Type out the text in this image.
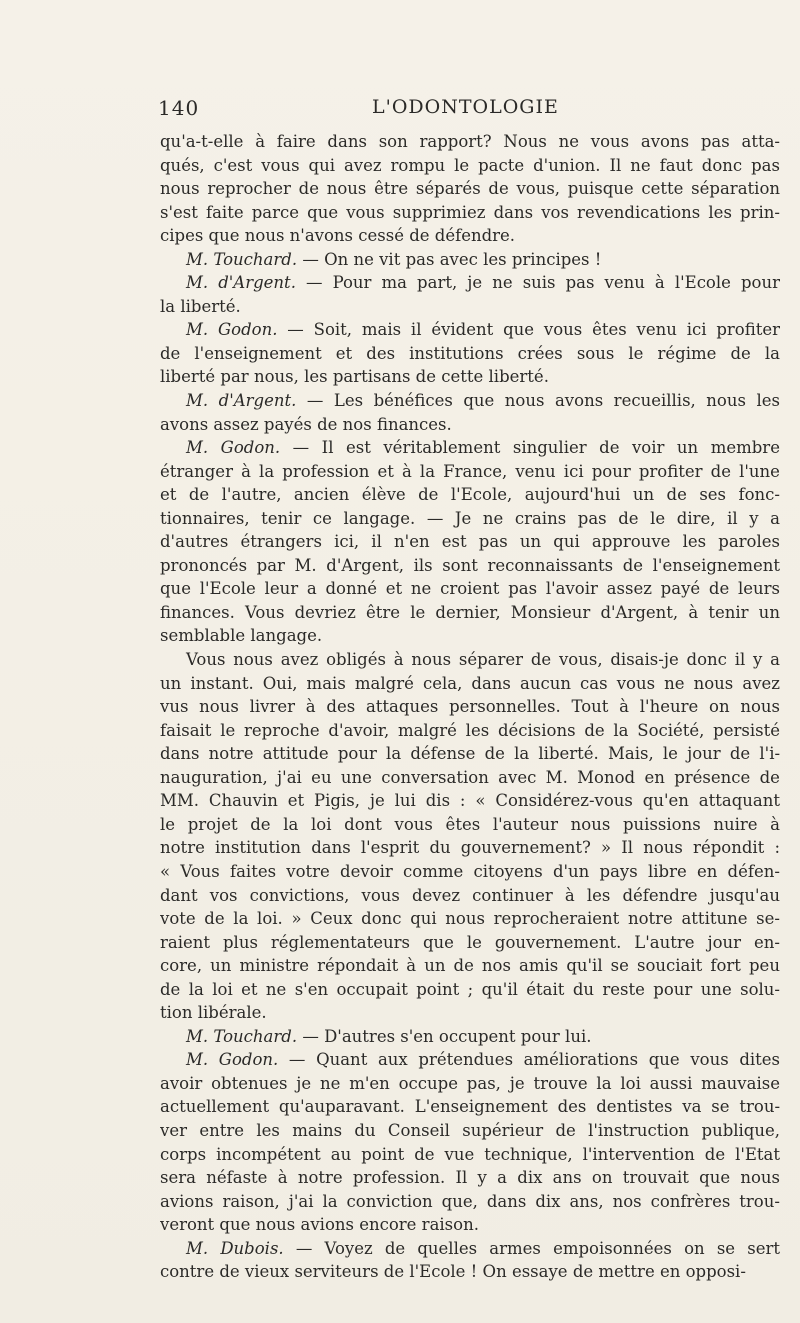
140	L'ODONTOLOGIE
qu'a-t-elle à faire dans son rapport? Nous ne vous avons pas atta-
qués, c'est vous qui avez rompu le pacte d'union. Il ne faut donc pas
nous reprocher de nous être séparés de vous, puisque cette séparation
s'est faite parce que vous supprimiez dans vos revendications les prin-
cipes que nous n'avons cessé de défendre.
M. Touchard. — On ne vit pas avec les principes !
M. d'Argent. — Pour ma part, je ne suis pas venu à l'Ecole pour
la liberté.
M. Godon. — Soit, mais il évident que vous êtes venu ici profiter
de l'enseignement et des institutions crées sous le régime de la
liberté par nous, les partisans de cette liberté.
M. d'Argent. — Les bénéfices que nous avons recueillis, nous les
avons assez payés de nos finances.
M. Godon. — Il est véritablement singulier de voir un membre
étranger à la profession et à la France, venu ici pour profiter de l'une
et de l'autre, ancien élève de l'Ecole, aujourd'hui un de ses fonc-
tionnaires, tenir ce langage. — Je ne crains pas de le dire, il y a
d'autres étrangers ici, il n'en est pas un qui approuve les paroles
prononcés par M. d'Argent, ils sont reconnaissants de l'enseignement
que l'Ecole leur a donné et ne croient pas l'avoir assez payé de leurs
finances. Vous devriez être le dernier, Monsieur d'Argent, à tenir un
semblable langage.
Vous nous avez obligés à nous séparer de vous, disais-je donc il y a
un instant. Oui, mais malgré cela, dans aucun cas vous ne nous avez
vus nous livrer à des attaques personnelles. Tout à l'heure on nous
faisait le reproche d'avoir, malgré les décisions de la Société, persisté
dans notre attitude pour la défense de la liberté. Mais, le jour de l'i-
nauguration, j'ai eu une conversation avec M. Monod en présence de
MM. Chauvin et Pigis, je lui dis : « Considérez-vous qu'en attaquant
le projet de la loi dont vous êtes l'auteur nous puissions nuire à
notre institution dans l'esprit du gouvernement? » Il nous répondit :
« Vous faites votre devoir comme citoyens d'un pays libre en défen-
dant vos convictions, vous devez continuer à les défendre jusqu'au
vote de la loi. » Ceux donc qui nous reprocheraient notre attitune se-
raient plus réglementateurs que le gouvernement. L'autre jour en-
core, un ministre répondait à un de nos amis qu'il se souciait fort peu
de la loi et ne s'en occupait point ; qu'il était du reste pour une solu-
tion libérale.
M. Touchard. — D'autres s'en occupent pour lui.
M. Godon. — Quant aux prétendues améliorations que vous dites
avoir obtenues je ne m'en occupe pas, je trouve la loi aussi mauvaise
actuellement qu'auparavant. L'enseignement des dentistes va se trou-
ver entre les mains du Conseil supérieur de l'instruction publique,
corps incompétent au point de vue technique, l'intervention de l'Etat
sera néfaste à notre profession. Il y a dix ans on trouvait que nous
avions raison, j'ai la conviction que, dans dix ans, nos confrères trou-
veront que nous avions encore raison.
M. Dubois. — Voyez de quelles armes empoisonnées on se sert
contre de vieux serviteurs de l'Ecole ! On essaye de mettre en opposi-
